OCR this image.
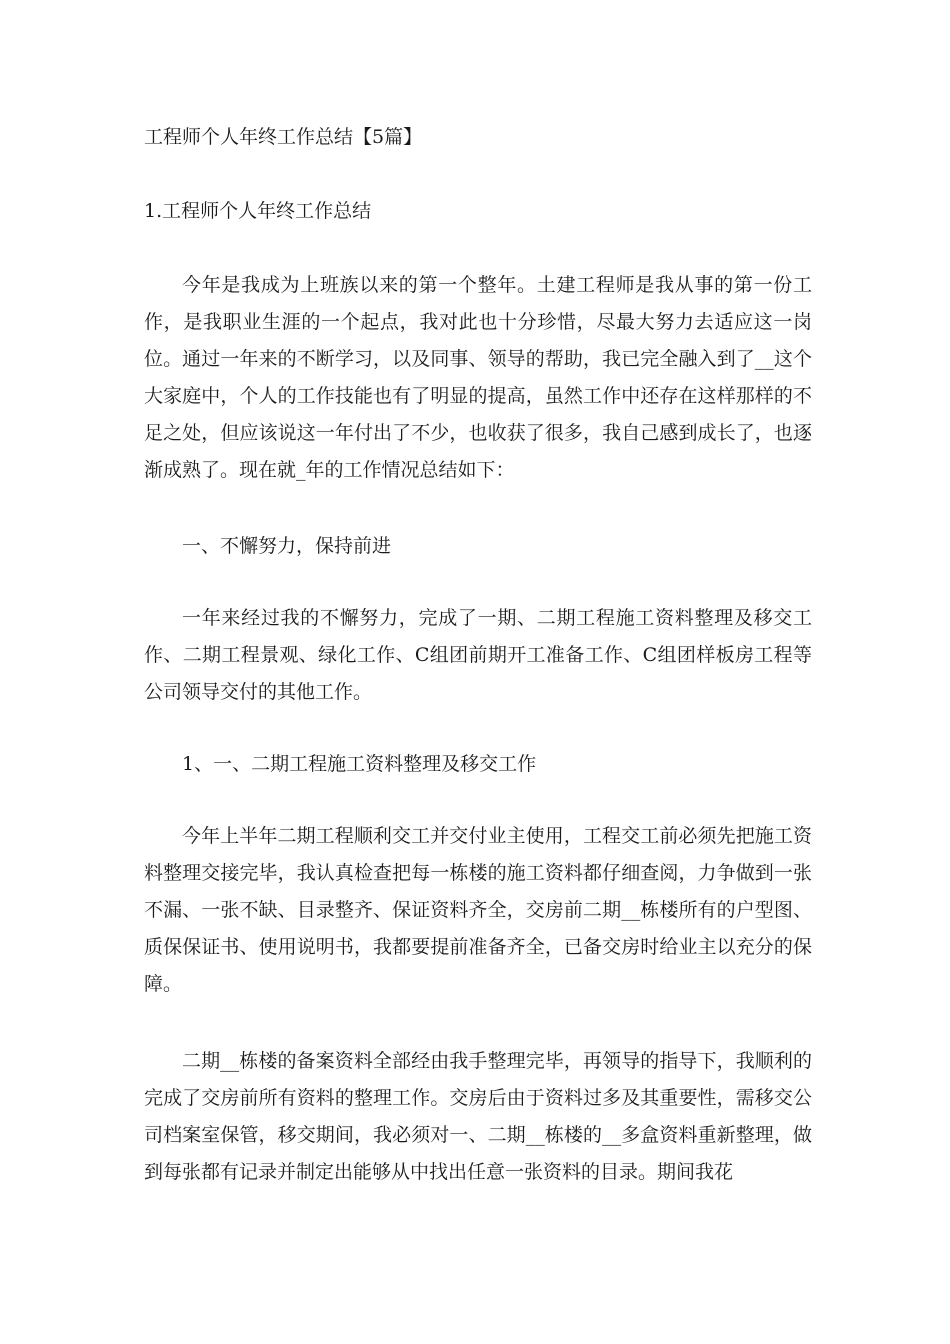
工程师个人年终工作总结【5篇】

1.工程师个人年终工作总结

今年是我成为上班族以来的第一个整年。土建工程师是我从事的第一份工作，是我职业生涯的一个起点，我对此也十分珍惜，尽最大努力去适应这一岗位。通过一年来的不断学习，以及同事、领导的帮助，我已完全融入到了__这个大家庭中，个人的工作技能也有了明显的提高，虽然工作中还存在这样那样的不足之处，但应该说这一年付出了不少，也收获了很多，我自己感到成长了，也逐渐成熟了。现在就_年的工作情况总结如下：

一、不懈努力，保持前进

一年来经过我的不懈努力，完成了一期、二期工程施工资料整理及移交工作、二期工程景观、绿化工作、C组团前期开工准备工作、C组团样板房工程等公司领导交付的其他工作。

1、一、二期工程施工资料整理及移交工作

今年上半年二期工程顺利交工并交付业主使用，工程交工前必须先把施工资料整理交接完毕，我认真检查把每一栋楼的施工资料都仔细查阅，力争做到一张不漏、一张不缺、目录整齐、保证资料齐全，交房前二期__栋楼所有的户型图、质保保证书、使用说明书，我都要提前准备齐全，已备交房时给业主以充分的保障。

二期__栋楼的备案资料全部经由我手整理完毕，再领导的指导下，我顺利的完成了交房前所有资料的整理工作。交房后由于资料过多及其重要性，需移交公司档案室保管，移交期间，我必须对一、二期__栋楼的__多盒资料重新整理，做到每张都有记录并制定出能够从中找出任意一张资料的目录。期间我花
